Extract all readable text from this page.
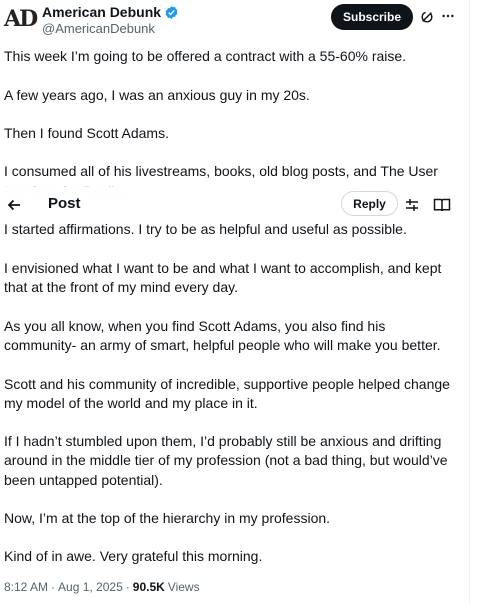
AD American Debunk
@AmericanDebunk
Subscribe
This week I’m going to be offered a contract with a 55-60% raise.
A few years ago, I was an anxious guy in my 20s.
Then I found Scott Adams.
I consumed all of his livestreams, books, old blog posts, and The User
Post	Reply
I started affirmations. I try to be as helpful and useful as possible.
I envisioned what I want to be and what I want to accomplish, and kept
that at the front of my mind every day.
As you all know, when you find Scott Adams, you also find his
community- an army of smart, helpful people who will make you better.
Scott and his community of incredible, supportive people helped change
my model of the world and my place in it.
If I hadn’t stumbled upon them, I’d probably still be anxious and drifting
around in the middle tier of my profession (not a bad thing, but would’ve
been untapped potential).
Now, I’m at the top of the hierarchy in my profession.
Kind of in awe. Very grateful this morning.
8:12 AM · Aug 1, 2025 · 90.5K Views
